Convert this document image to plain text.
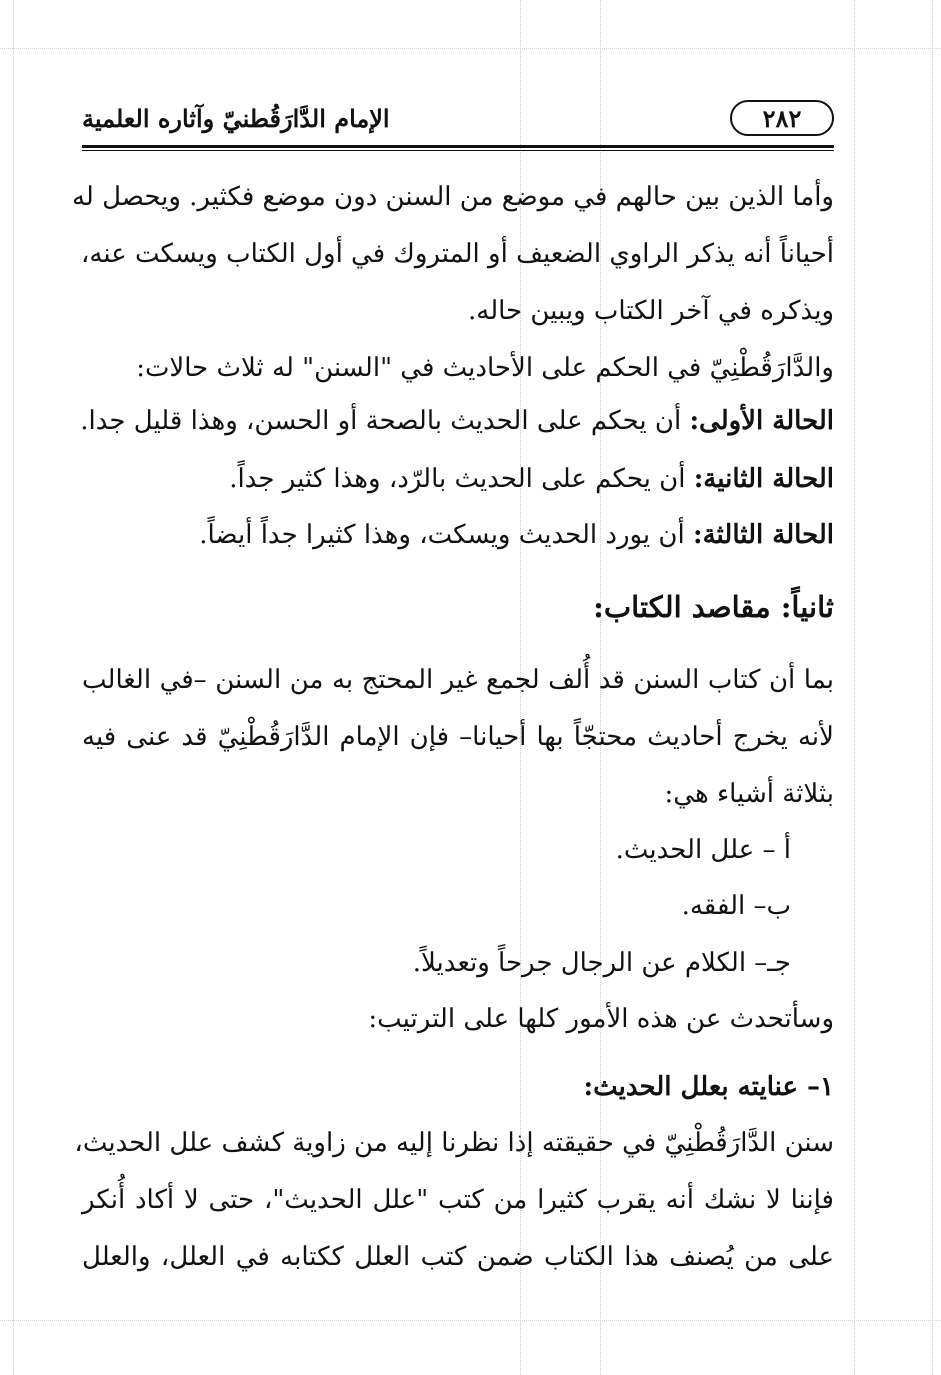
الإمام الدَّارَقُطنيّ وآثاره العلمية	٢٨٢
وأما الذين بين حالهم في موضع من السنن دون موضع فكثير. ويحصل له
أحياناً أنه يذكر الراوي الضعيف أو المتروك في أول الكتاب ويسكت عنه،
ويذكره في آخر الكتاب ويبين حاله.
والدَّارَقُطْنِيّ في الحكم على الأحاديث في "السنن" له ثلاث حالات:
الحالة الأولى: أن يحكم على الحديث بالصحة أو الحسن، وهذا قليل جدا.
الحالة الثانية: أن يحكم على الحديث بالرّد، وهذا كثير جداً.
الحالة الثالثة: أن يورد الحديث ويسكت، وهذا كثيرا جداً أيضاً.
ثانياً: مقاصد الكتاب:
بما أن كتاب السنن قد أُلف لجمع غير المحتج به من السنن –في الغالب
لأنه يخرج أحاديث محتجّاً بها أحيانا– فإن الإمام الدَّارَقُطْنِيّ قد عنى فيه
بثلاثة أشياء هي:
أ – علل الحديث.
ب– الفقه.
جـ– الكلام عن الرجال جرحاً وتعديلاً.
وسأتحدث عن هذه الأمور كلها على الترتيب:
١– عنايته بعلل الحديث:
سنن الدَّارَقُطْنِيّ في حقيقته إذا نظرنا إليه من زاوية كشف علل الحديث،
فإننا لا نشك أنه يقرب كثيرا من كتب "علل الحديث"، حتى لا أكاد أُنكر
على من يُصنف هذا الكتاب ضمن كتب العلل ككتابه في العلل، والعلل
